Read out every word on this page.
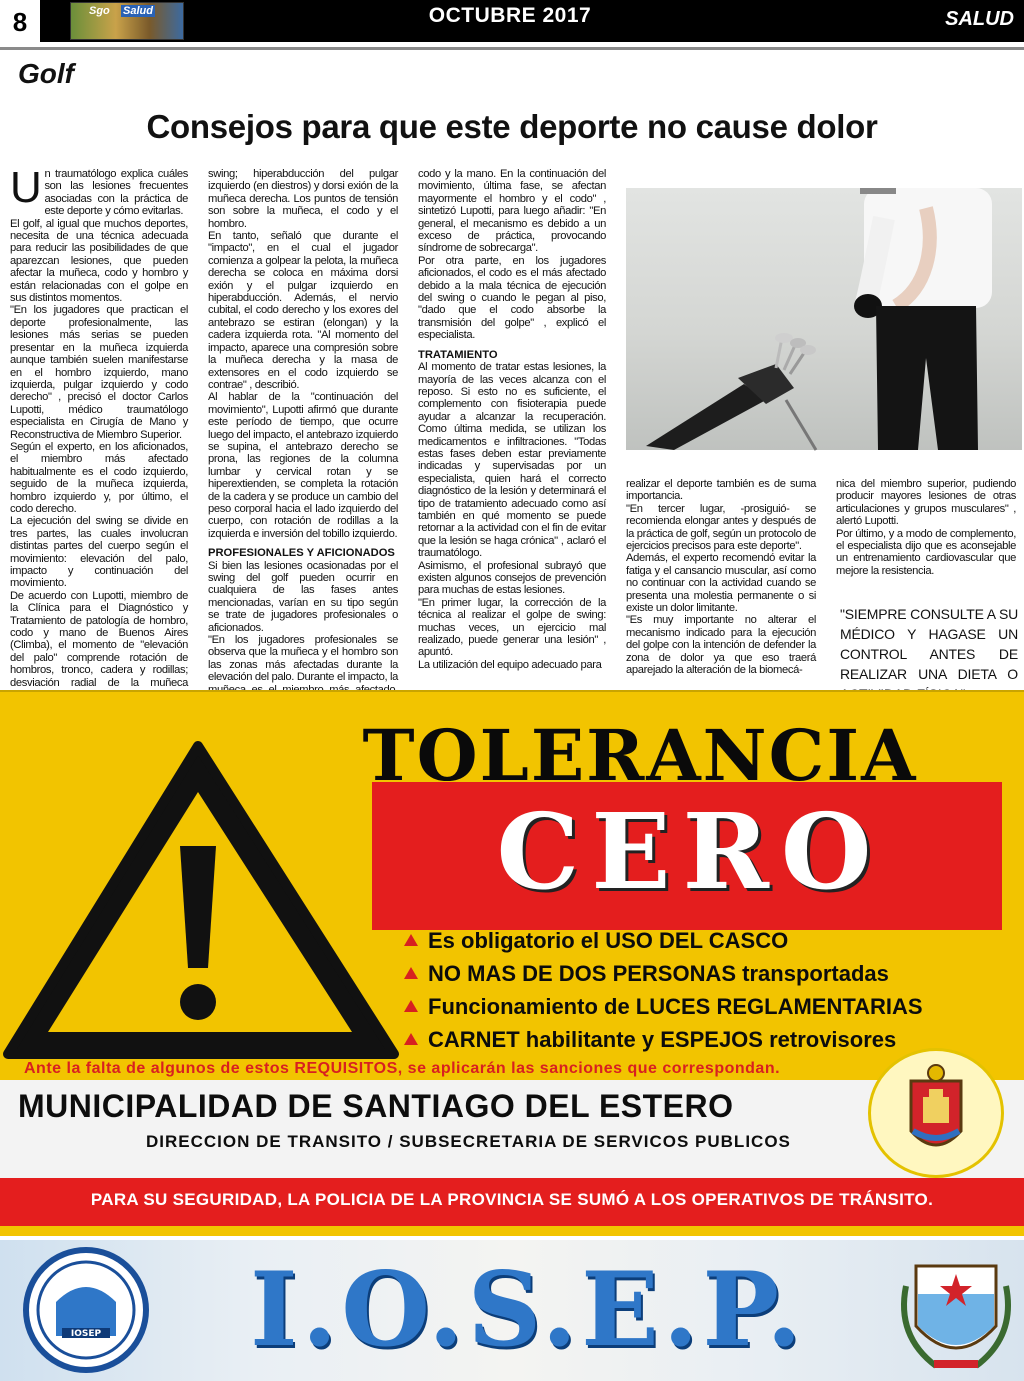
8	Sgo Salud	OCTUBRE 2017	SALUD
Golf
Consejos para que este deporte no cause dolor
U n traumatólogo explica cuáles son las lesiones frecuentes asociadas con la práctica de este deporte y cómo evitarlas.

El golf, al igual que muchos deportes, necesita de una técnica adecuada para reducir las posibilidades de que aparezcan lesiones, que pueden afectar la muñeca, codo y hombro y están relacionadas con el golpe en sus distintos momentos.

"En los jugadores que practican el deporte profesionalmente, las lesiones más serias se pueden presentar en la muñeca izquierda aunque también suelen manifestarse en el hombro izquierdo, mano izquierda, pulgar izquierdo y codo derecho" , precisó el doctor Carlos Lupotti, médico traumatólogo especialista en Cirugía de Mano y Reconstructiva de Miembro Superior.

Según el experto, en los aficionados, el miembro más afectado habitualmente es el codo izquierdo, seguido de la muñeca izquierda, hombro izquierdo y, por último, el codo derecho.

La ejecución del swing se divide en tres partes, las cuales involucran distintas partes del cuerpo según el movimiento: elevación del palo, impacto y continuación del movimiento.

De acuerdo con Lupotti, miembro de la Clínica para el Diagnóstico y Tratamiento de patología de hombro, codo y mano de Buenos Aires (Climba), el momento de "elevación del palo" comprende rotación de hombros, tronco, cadera y rodillas; desviación radial de la muñeca

swing; hiperabducción del pulgar izquierdo (en diestros) y dorsi exión de la muñeca derecha. Los puntos de tensión son sobre la muñeca, el codo y el hombro.

En tanto, señaló que durante el "impacto", en el cual el jugador comienza a golpear la pelota, la muñeca derecha se coloca en máxima dorsi exión y el pulgar izquierdo en hiperabducción. Además, el nervio cubital, el codo derecho y los exores del antebrazo se estiran (elongan) y la cadera izquierda rota. "Al momento del impacto, aparece una compresión sobre la muñeca derecha y la masa de extensores en el codo izquierdo se contrae" , describió.

Al hablar de la "continuación del movimiento", Lupotti afirmó que durante este período de tiempo, que ocurre luego del impacto, el antebrazo izquierdo se supina, el antebrazo derecho se prona, las regiones de la columna lumbar y cervical rotan y se hiperextienden, se completa la rotación de la cadera y se produce un cambio del peso corporal hacia el lado izquierdo del cuerpo, con rotación de rodillas a la izquierda e inversión del tobillo izquierdo.

PROFESIONALES Y AFICIONADOS

Si bien las lesiones ocasionadas por el swing del golf pueden ocurrir en cualquiera de las fases antes mencionadas, varían en su tipo según se trate de jugadores profesionales o aficionados.

"En los jugadores profesionales se observa que la muñeca y el hombro son las zonas más afectadas durante la elevación del palo. Durante el impacto, la

codo y la mano. En la continuación del movimiento, última fase, se afectan mayormente el hombro y el codo" , sintetizó Lupotti, para luego añadir: "En general, el mecanismo es debido a un exceso de práctica, provocando síndrome de sobrecarga".

Por otra parte, en los jugadores aficionados, el codo es el más afectado debido a la mala técnica de ejecución del swing o cuando le pegan al piso, "dado que el codo absorbe la transmisión del golpe" , explicó el especialista.

TRATAMIENTO

Al momento de tratar estas lesiones, la mayoría de las veces alcanza con el reposo. Si esto no es suficiente, el complemento con fisioterapia puede ayudar a alcanzar la recuperación. Como última medida, se utilizan los medicamentos e infiltraciones. "Todas estas fases deben estar previamente indicadas y supervisadas por un especialista, quien hará el correcto diagnóstico de la lesión y determinará el tipo de tratamiento adecuado como así también en qué momento se puede retornar a la actividad con el fin de evitar que la lesión se haga crónica" , aclaró el traumatólogo.

Asimismo, el profesional subrayó que existen algunos consejos de prevención para muchas de estas lesiones.

"En primer lugar, la corrección de la técnica al realizar el golpe de swing: muchas veces, un ejercicio mal realizado, puede generar una lesión" , apuntó.

La utilización del equipo adecuado para

realizar el deporte también es de suma importancia.

"En tercer lugar, -prosiguió- se recomienda elongar antes y después de la práctica de golf, según un protocolo de ejercicios precisos para este deporte".

Además, el experto recomendó evitar la fatiga y el cansancio muscular, así como no continuar con la actividad cuando se presenta una molestia permanente o si existe un dolor limitante.

"Es muy importante no alterar el mecanismo indicado para la ejecución del golpe con la intención de defender la zona de dolor ya que eso traerá aparejado la alteración de la biomecá-

nica del miembro superior, pudiendo producir mayores lesiones de otras articulaciones y grupos musculares" , alertó Lupotti.

Por último, y a modo de complemento, el especialista dijo que es aconsejable un entrenamiento cardiovascular que mejore la resistencia.

"SIEMPRE CONSULTE A SU MÉDICO Y HAGASE UN CONTROL ANTES DE REALIZAR UNA DIETA O
TOLERANCIA
CERO
Es obligatorio el USO DEL CASCO
NO MAS DE DOS PERSONAS transportadas
Funcionamiento de LUCES REGLAMENTARIAS
CARNET habilitante y ESPEJOS retrovisores
Ante la falta de algunos de estos REQUISITOS, se aplicarán las sanciones que correspondan.
MUNICIPALIDAD DE SANTIAGO DEL ESTERO
DIRECCION DE TRANSITO / SUBSECRETARIA DE SERVICOS PUBLICOS
PARA SU SEGURIDAD, LA POLICIA DE LA PROVINCIA SE SUMÓ A LOS OPERATIVOS DE TRÁNSITO.
IOSEP I.O.S.E.P.
